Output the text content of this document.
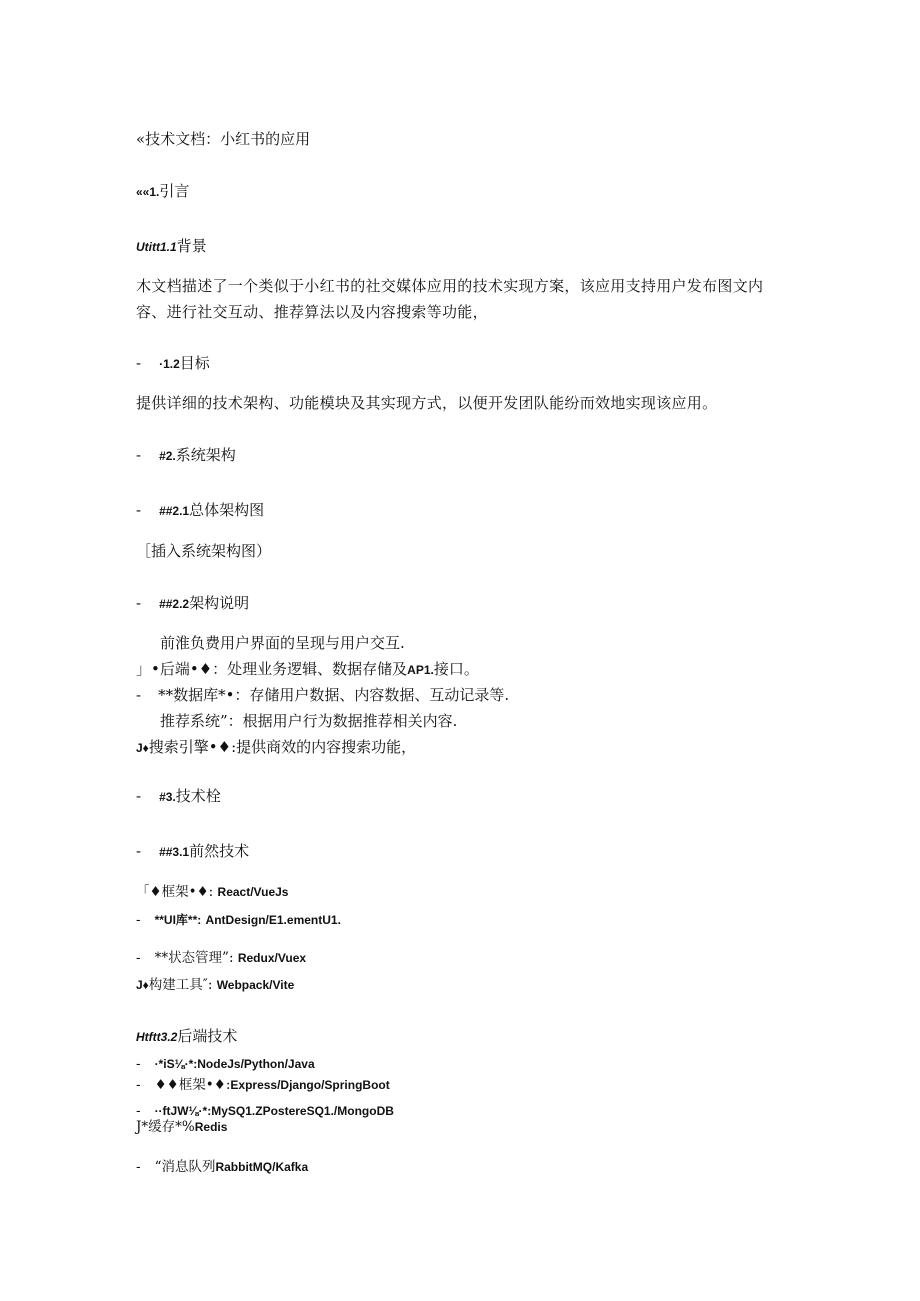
«技术文档：小红书的应用
««1.引言
Utitt1.1背景
木文档描述了一个类似于小红书的社交媒体应用的技术实现方案，该应用支持用户发布图文内
容、进行社交互动、推荐算法以及内容搜索等功能，
- ·1.2目标
提供详细的技术架构、功能模块及其实现方式，以便开发团队能纷而效地实现该应用。
- #2.系统架构
- ##2.1总体架构图
［插入系统架构图）
- ##2.2架构说明
前淮负费用户界面的呈现与用户交互.
」•后端•♦：处理业务逻辑、数据存储及AP1.接口。
- **数据库*•：存储用户数据、内容数据、互动记录等.
推荐系统”：根据用户行为数据推荐相关内容.
J♦搜索引擎•♦:提供商效的内容搜索功能，
- #3.技术栓
- ##3.1前然技术
「♦框架•♦: React/VueJs
- **UI库**: AntDesign/E1.ementU1.
- **状态管理”: Redux/Vuex
J♦构建工具″: Webpack/Vite
Htftt3.2后端技术
- ·*iS⅛·*:NodeJs/Python/Java
- ♦♦框架•♦:Express/Django/SpringBoot
- ··ftJW⅛·*:MySQ1.ZPostereSQ1./MongoDB
J*缓存*%Redis
- “消息队列RabbitMQ/Kafka
